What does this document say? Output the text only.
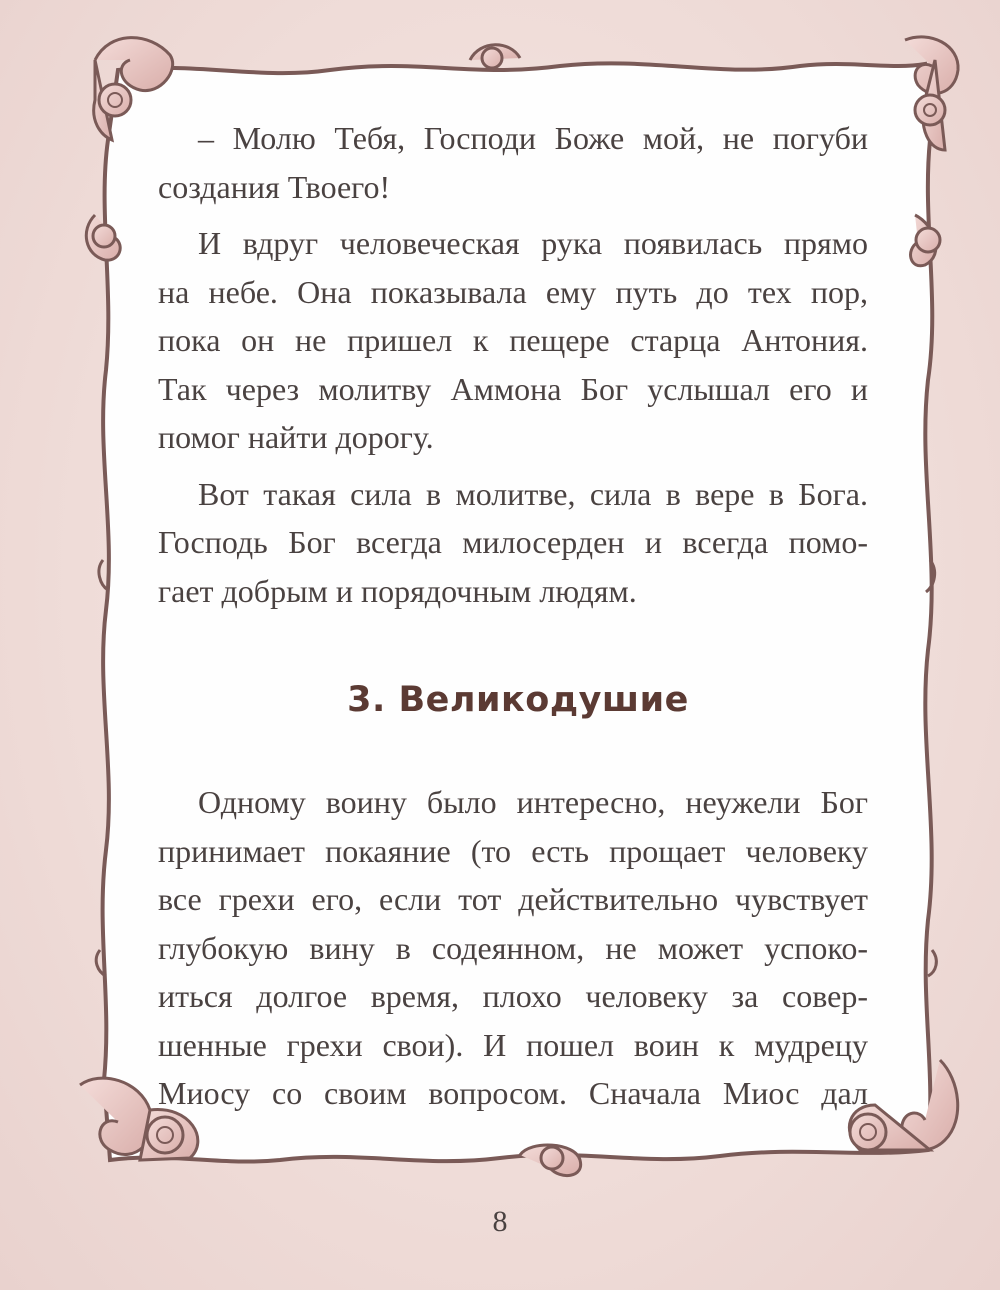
– Молю Тебя, Господи Боже мой, не погуби
создания Твоего!

И вдруг человеческая рука появилась прямо
на небе. Она показывала ему путь до тех пор,
пока он не пришел к пещере старца Антония.
Так через молитву Аммона Бог услышал его и
помог найти дорогу.

Вот такая сила в молитве, сила в вере в Бога.
Господь Бог всегда милосерден и всегда помо-
гает добрым и порядочным людям.

3. Великодушие

Одному воину было интересно, неужели Бог
принимает покаяние (то есть прощает человеку
все грехи его, если тот действительно чувствует
глубокую вину в содеянном, не может успоко-
иться долгое время, плохо человеку за совер-
шенные грехи свои). И пошел воин к мудрецу
Миосу со своим вопросом. Сначала Миос дал

8
